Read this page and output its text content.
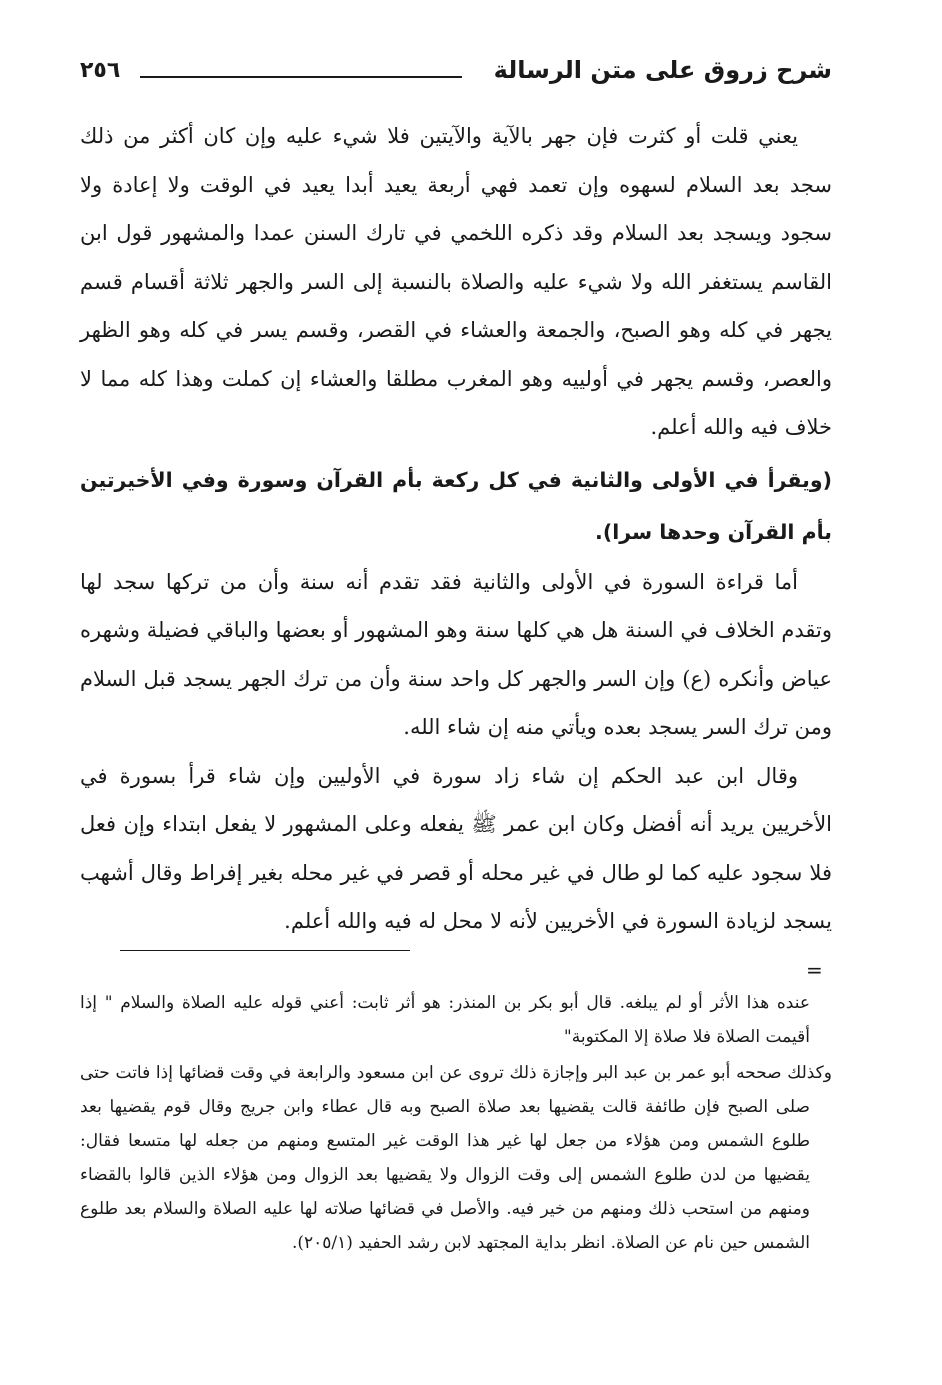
٢٥٦	شرح زروق على متن الرسالة

يعني قلت أو كثرت فإن جهر بالآية والآيتين فلا شيء عليه وإن كان أكثر من ذلك سجد بعد السلام لسهوه وإن تعمد فهي أربعة يعيد أبدا يعيد في الوقت ولا إعادة ولا سجود ويسجد بعد السلام وقد ذكره اللخمي في تارك السنن عمدا والمشهور قول ابن القاسم يستغفر الله ولا شيء عليه والصلاة بالنسبة إلى السر والجهر ثلاثة أقسام قسم يجهر في كله وهو الصبح، والجمعة والعشاء في القصر، وقسم يسر في كله وهو الظهر والعصر، وقسم يجهر في أولييه وهو المغرب مطلقا والعشاء إن كملت وهذا كله مما لا خلاف فيه والله أعلم.

(ويقرأ في الأولى والثانية في كل ركعة بأم القرآن وسورة وفي الأخيرتين بأم القرآن وحدها سرا).

أما قراءة السورة في الأولى والثانية فقد تقدم أنه سنة وأن من تركها سجد لها وتقدم الخلاف في السنة هل هي كلها سنة وهو المشهور أو بعضها والباقي فضيلة وشهره عياض وأنكره (ع) وإن السر والجهر كل واحد سنة وأن من ترك الجهر يسجد قبل السلام ومن ترك السر يسجد بعده ويأتي منه إن شاء الله.

وقال ابن عبد الحكم إن شاء زاد سورة في الأوليين وإن شاء قرأ بسورة في الأخريين يريد أنه أفضل وكان ابن عمر ﷺ يفعله وعلى المشهور لا يفعل ابتداء وإن فعل فلا سجود عليه كما لو طال في غير محله أو قصر في غير محله بغير إفراط وقال أشهب يسجد لزيادة السورة في الأخريين لأنه لا محل له فيه والله أعلم.

=

عنده هذا الأثر أو لم يبلغه. قال أبو بكر بن المنذر: هو أثر ثابت: أعني قوله عليه الصلاة والسلام " إذا أقيمت الصلاة فلا صلاة إلا المكتوبة"

وكذلك صححه أبو عمر بن عبد البر وإجازة ذلك تروى عن ابن مسعود والرابعة في وقت قضائها إذا فاتت حتى صلى الصبح فإن طائفة قالت يقضيها بعد صلاة الصبح وبه قال عطاء وابن جريج وقال قوم يقضيها بعد طلوع الشمس ومن هؤلاء من جعل لها غير هذا الوقت غير المتسع ومنهم من جعله لها متسعا فقال: يقضيها من لدن طلوع الشمس إلى وقت الزوال ولا يقضيها بعد الزوال ومن هؤلاء الذين قالوا بالقضاء ومنهم من استحب ذلك ومنهم من خير فيه. والأصل في قضائها صلاته لها عليه الصلاة والسلام بعد طلوع الشمس حين نام عن الصلاة. انظر بداية المجتهد لابن رشد الحفيد (٢٠٥/١).
